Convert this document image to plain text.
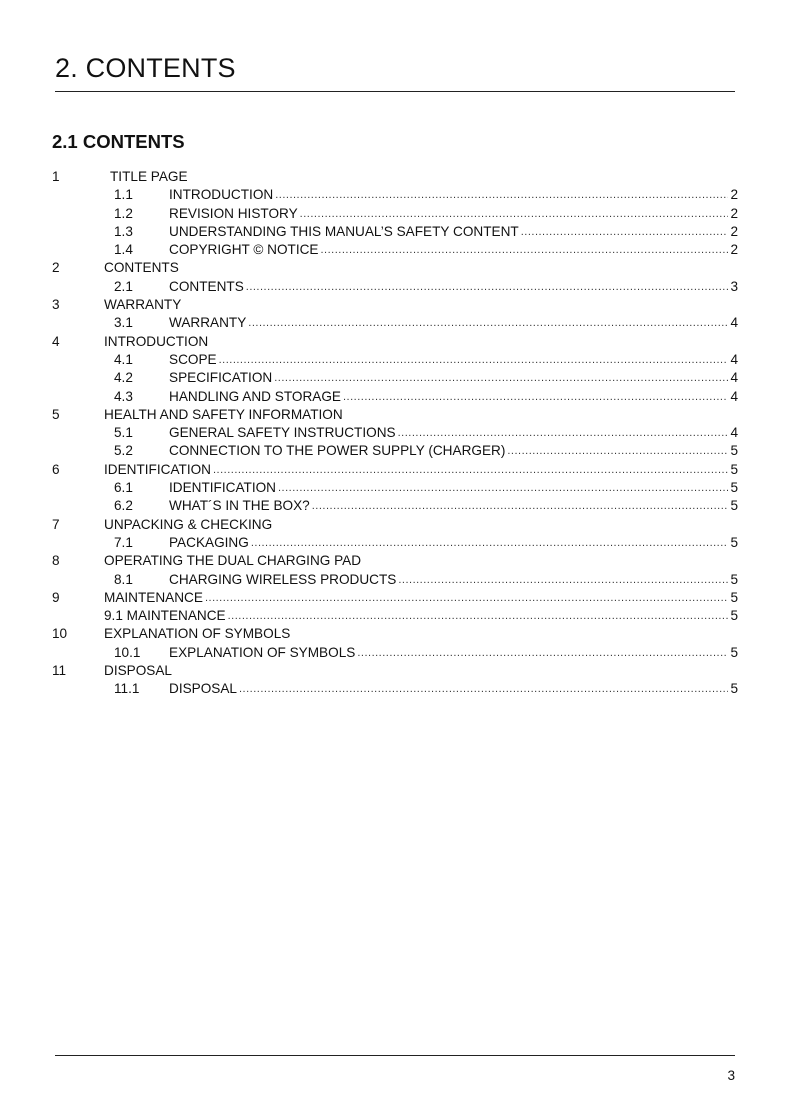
2. CONTENTS
2.1 CONTENTS
1	TITLE PAGE
1.1	INTRODUCTION .....	2
1.2	REVISION HISTORY .....	2
1.3	UNDERSTANDING THIS MANUAL’S SAFETY CONTENT .....	2
1.4	COPYRIGHT © NOTICE .....	2
2	CONTENTS
2.1	CONTENTS .....	3
3	WARRANTY
3.1	WARRANTY .....	4
4	INTRODUCTION
4.1	SCOPE .....	4
4.2	SPECIFICATION .....	4
4.3	HANDLING AND STORAGE .....	4
5	HEALTH AND SAFETY INFORMATION
5.1	GENERAL SAFETY INSTRUCTIONS .....	4
5.2	CONNECTION TO THE POWER SUPPLY (CHARGER) .....	5
6	IDENTIFICATION .....	5
6.1	IDENTIFICATION .....	5
6.2	WHAT´S IN THE BOX? .....	5
7	UNPACKING & CHECKING
7.1	PACKAGING .....	5
8	OPERATING THE DUAL CHARGING PAD
8.1	CHARGING WIRELESS PRODUCTS .....	5
9	MAINTENANCE .....	5
9.1 MAINTENANCE .....	5
10	EXPLANATION OF SYMBOLS
10.1 EXPLANATION OF SYMBOLS .....	5
11	DISPOSAL
11.1 DISPOSAL .....	5
3
